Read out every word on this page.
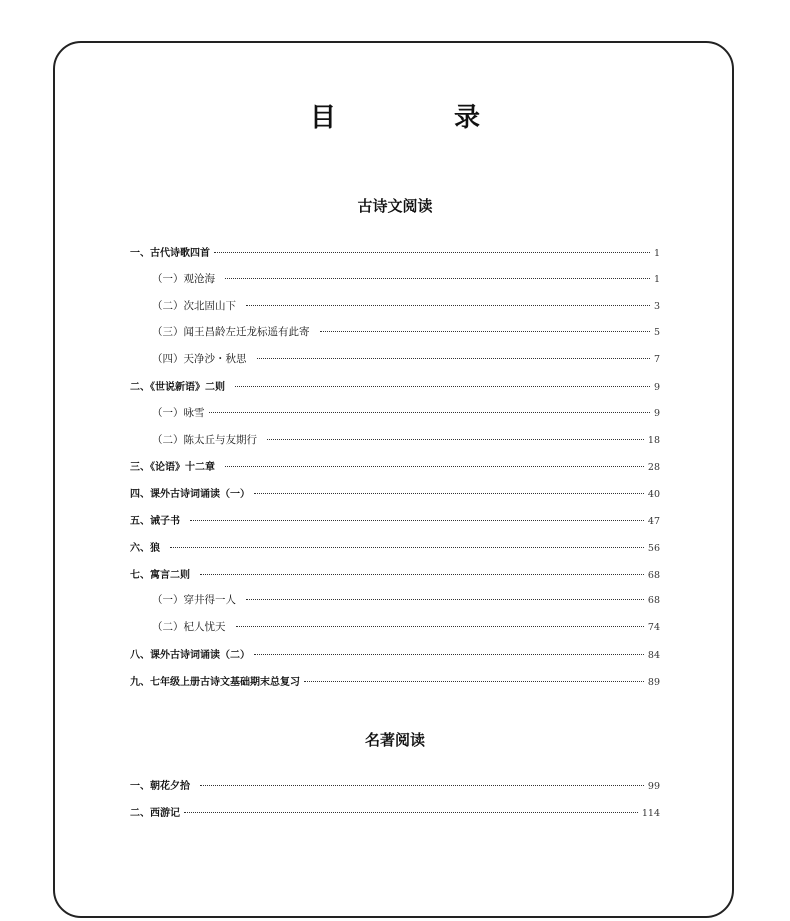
目　录
古诗文阅读
一、古代诗歌四首	1
（一）观沧海	1
（二）次北固山下	3
（三）闻王昌龄左迁龙标遥有此寄	5
（四）天净沙・秋思	7
二、《世说新语》二则	9
（一）咏雪	9
（二）陈太丘与友期行	18
三、《论语》十二章	28
四、课外古诗词诵读（一）	40
五、诫子书	47
六、狼	56
七、寓言二则	68
（一）穿井得一人	68
（二）杞人忧天	74
八、课外古诗词诵读（二）	84
九、七年级上册古诗文基础期末总复习	89
名著阅读
一、朝花夕拾	99
二、西游记	114
